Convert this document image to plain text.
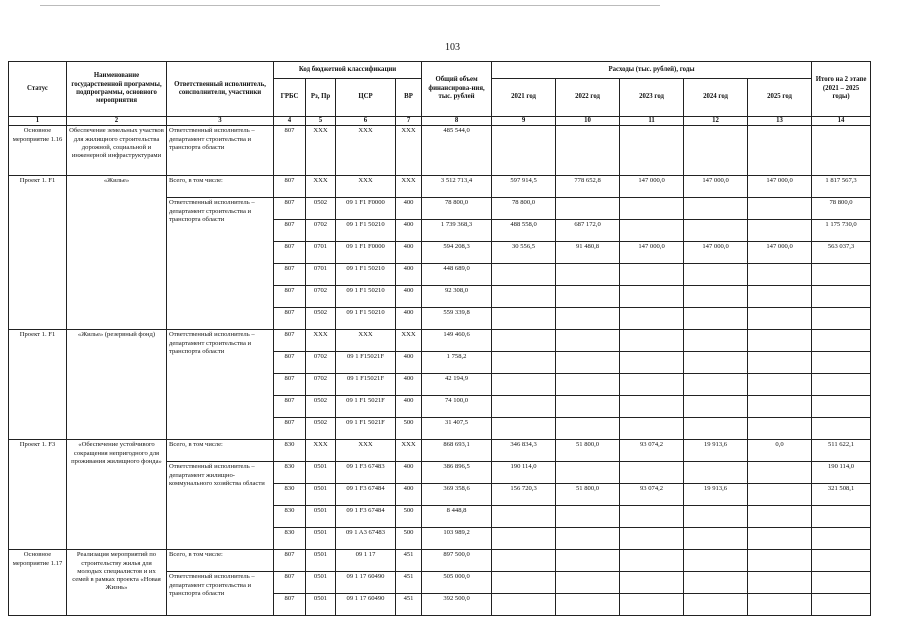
103
Статус	Наименование государственной программы, подпрограммы, основного мероприятия	Ответственный исполнитель, соисполнители, участники	Код бюджетной классификации				Общий объем финансирова-ния, тыс. рублей	Расходы (тыс. рублей), годы					Итого на 2 этапе (2021 – 2025 годы)
			ГРБС	Рз, Пр	ЦСР	ВР		2021 год	2022 год	2023 год	2024 год	2025 год	

1	2	3	4	5	6	7	8	9	10	11	12	13	14
Основное мероприятие 1.16	Обеспечение земельных участков для жилищного строительства дорожной, социальной и инженерной инфраструктурами	Ответственный исполнитель – департамент строительства и транспорта области	807	XXX	XXX	XXX	485 544,0						
Проект 1. F1	«Жилье»	Всего, в том числе:	807	XXX	XXX	XXX	3 512 713,4	597 914,5	778 652,8	147 000,0	147 000,0	147 000,0	1 817 567,3
		Ответственный исполнитель – департамент строительства и транспорта области	807	0502	09 1 F1 F0000	400	78 800,0	78 800,0					78 800,0
			807	0702	09 1 F1 50210	400	1 739 368,3	488 558,0	687 172,0				1 175 730,0
			807	0701	09 1 F1 F0000	400	594 208,3	30 556,5	91 480,8	147 000,0	147 000,0	147 000,0	563 037,3
			807	0701	09 1 F1 50210	400	448 689,0						
			807	0702	09 1 F1 50210	400	92 308,0						
			807	0502	09 1 F1 50210	400	559 339,8						
Проект 1. F1	«Жилье» (резервный фонд)	Ответственный исполнитель – департамент строительства и транспорта области	807	XXX	XXX	XXX	149 460,6						
			807	0702	09 1 F15021F	400	1 758,2						
			807	0702	09 1 F15021F	400	42 194,9						
			807	0502	09 1 F1 5021F	400	74 100,0						
			807	0502	09 1 F1 5021F	500	31 407,5						
Проект 1. F3	«Обеспечение устойчивого сокращения непригодного для проживания жилищного фонда»	Всего, в том числе:	830	XXX	XXX	XXX	868 693,1	346 834,3	51 800,0	93 074,2	19 913,6	0,0	511 622,1
		Ответственный исполнитель – департамент жилищно-коммунального хозяйства области	830	0501	09 1 F3 67483	400	386 896,5	190 114,0					190 114,0
			830	0501	09 1 F3 67484	400	369 358,6	156 720,3	51 800,0	93 074,2	19 913,6		321 508,1
			830	0501	09 1 F3 67484	500	8 448,8						
			830	0501	09 1 A3 67483	500	103 989,2						
Основное мероприятие 1.17	Реализация мероприятий по строительству жилья для молодых специалистов и их семей в рамках проекта «Новая Жизнь»	Всего, в том числе:	807	0501	09 1 17	451	897 500,0						
		Ответственный исполнитель – департамент строительства и транспорта области	807	0501	09 1 17 60490	451	505 000,0						
			807	0501	09 1 17 60490	451	392 500,0						
